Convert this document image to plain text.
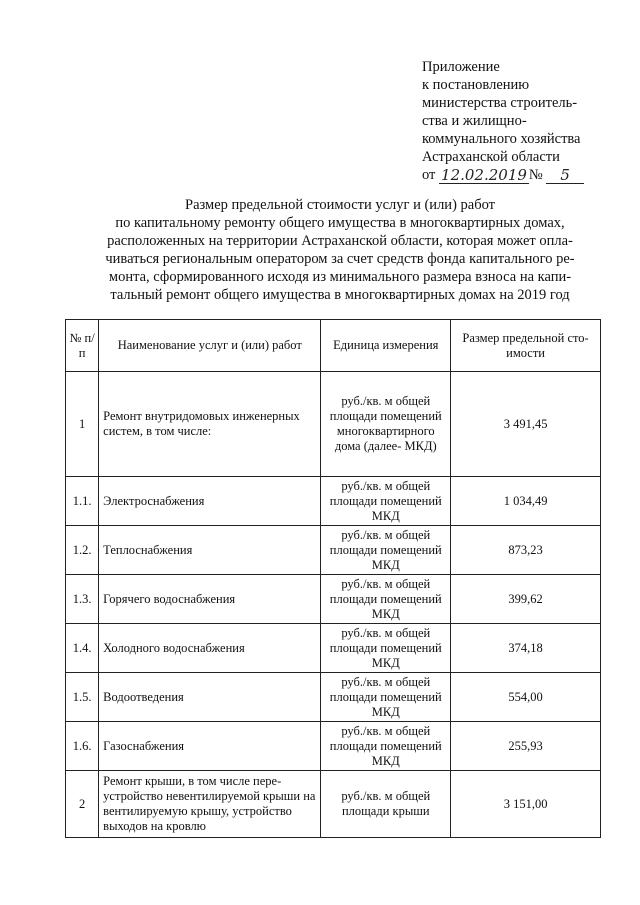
Приложение
к постановлению
министерства строитель-
ства и жилищно-
коммунального хозяйства
Астраханской области
от
12.02.2019 №
	5
Размер предельной стоимости услуг и (или) работ
по капитальному ремонту общего имущества в многоквартирных домах,
расположенных на территории Астраханской области, которая может опла-
чиваться региональным оператором за счет средств фонда капитального ре-
монта, сформированного исходя из минимального размера взноса на капи-
тальный ремонт общего имущества в многоквартирных домах на 2019 год
№ п/п	Наименование услуг и (или) работ	Единица измерения	Размер предельной сто-имости
1	Ремонт внутридомовых инженерных систем, в том числе:	руб./кв. м общей площади помещений многоквартирного дома (далее- МКД)	3 491,45
1.1.	Электроснабжения	руб./кв. м общей площади помещений МКД	1 034,49
1.2.	Теплоснабжения	руб./кв. м общей площади помещений МКД	873,23
1.3.	Горячего водоснабжения	руб./кв. м общей площади помещений МКД	399,62
1.4.	Холодного водоснабжения	руб./кв. м общей площади помещений МКД	374,18
1.5.	Водоотведения	руб./кв. м общей площади помещений МКД	554,00
1.6.	Газоснабжения	руб./кв. м общей площади помещений МКД	255,93
2	Ремонт крыши, в том числе пере-устройство невентилируемой крыши на вентилируемую крышу, устройство выходов на кровлю	руб./кв. м общей площади крыши	3 151,00
